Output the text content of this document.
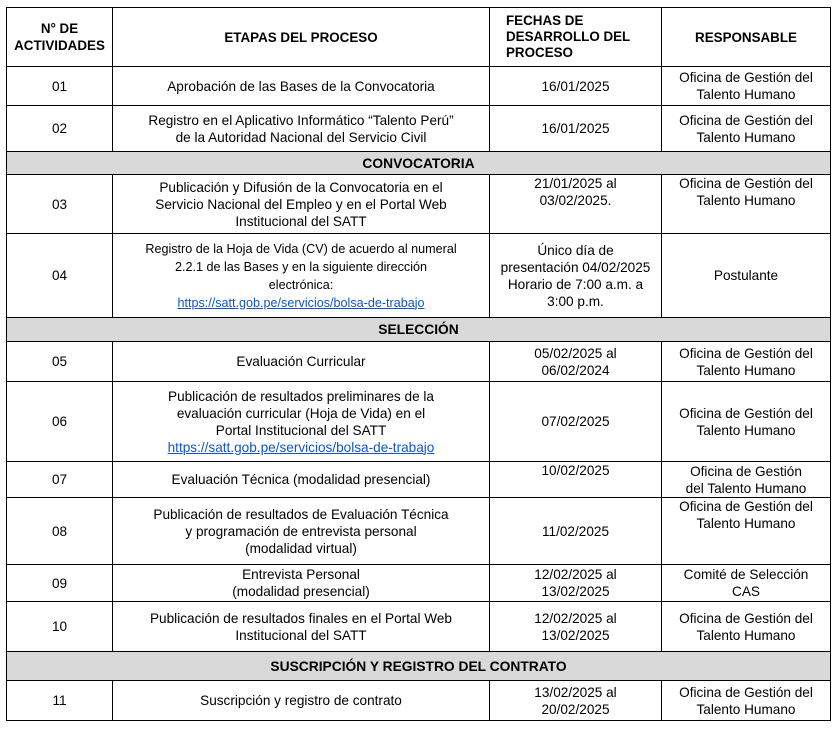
N° DE
ACTIVIDADES	ETAPAS DEL PROCESO	FECHAS DE
DESARROLLO DEL
PROCESO	RESPONSABLE
01	Aprobación de las Bases de la Convocatoria	16/01/2025	Oficina de Gestión del
Talento Humano
02	Registro en el Aplicativo Informático “Talento Perú”
de la Autoridad Nacional del Servicio Civil	16/01/2025	Oficina de Gestión del
Talento Humano
CONVOCATORIA			
03	Publicación y Difusión de la Convocatoria en el
Servicio Nacional del Empleo y en el Portal Web
Institucional del SATT	21/01/2025 al
03/02/2025.	Oficina de Gestión del
Talento Humano
04	Registro de la Hoja de Vida (CV) de acuerdo al numeral
2.2.1 de las Bases y en la siguiente dirección
electrónica:
https://satt.gob.pe/servicios/bolsa-de-trabajo	Único día de
presentación 04/02/2025
Horario de 7:00 a.m. a
3:00 p.m.	Postulante
SELECCIÓN			
05	Evaluación Curricular	05/02/2025 al
06/02/2024	Oficina de Gestión del
Talento Humano
06	Publicación de resultados preliminares de la
evaluación curricular (Hoja de Vida) en el
Portal Institucional del SATT
https://satt.gob.pe/servicios/bolsa-de-trabajo	07/02/2025	Oficina de Gestión del
Talento Humano
07	Evaluación Técnica (modalidad presencial)	10/02/2025	Oficina de Gestión
del Talento Humano
08	Publicación de resultados de Evaluación Técnica
y programación de entrevista personal
(modalidad virtual)	11/02/2025	Oficina de Gestión del
Talento Humano
09	Entrevista Personal
(modalidad presencial)	12/02/2025 al
13/02/2025	Comité de Selección
CAS
10	Publicación de resultados finales en el Portal Web
Institucional del SATT	12/02/2025 al
13/02/2025	Oficina de Gestión del
Talento Humano
SUSCRIPCIÓN Y REGISTRO DEL CONTRATO			
11	Suscripción y registro de contrato	13/02/2025 al
20/02/2025	Oficina de Gestión del
Talento Humano
